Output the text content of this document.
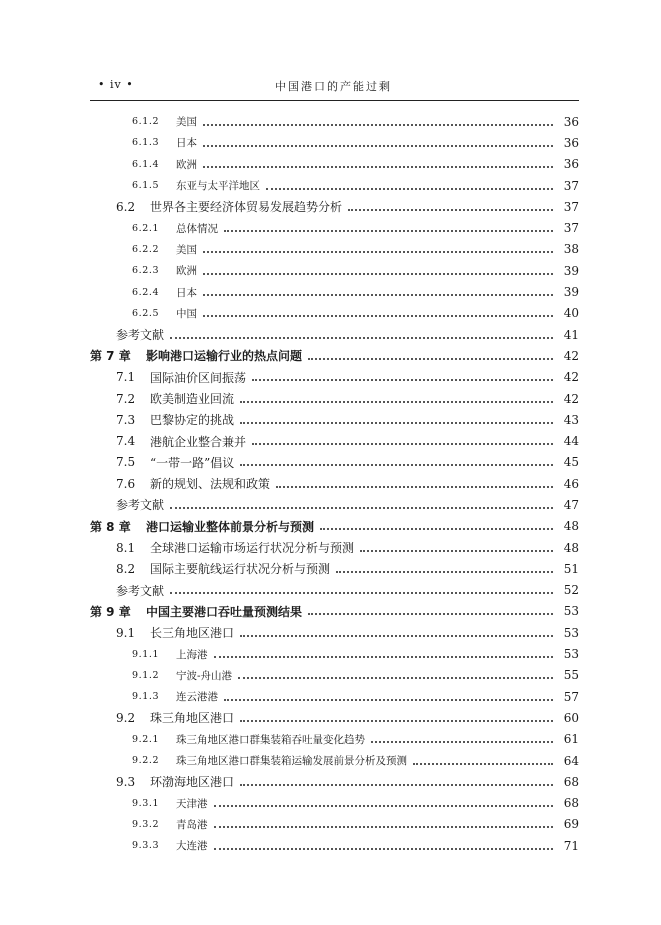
• iv •	中国港口的产能过剩
6.1.2	美国	36
6.1.3	日本	36
6.1.4	欧洲	36
6.1.5	东亚与太平洋地区	37
6.2	世界各主要经济体贸易发展趋势分析	37
6.2.1	总体情况	37
6.2.2	美国	38
6.2.3	欧洲	39
6.2.4	日本	39
6.2.5	中国	40
参考文献	41
第 7 章	影响港口运输行业的热点问题	42
7.1	国际油价区间振荡	42
7.2	欧美制造业回流	42
7.3	巴黎协定的挑战	43
7.4	港航企业整合兼并	44
7.5	“一带一路”倡议	45
7.6	新的规划、法规和政策	46
参考文献	47
第 8 章	港口运输业整体前景分析与预测	48
8.1	全球港口运输市场运行状况分析与预测	48
8.2	国际主要航线运行状况分析与预测	51
参考文献	52
第 9 章	中国主要港口吞吐量预测结果	53
9.1	长三角地区港口	53
9.1.1	上海港	53
9.1.2	宁波-舟山港	55
9.1.3	连云港港	57
9.2	珠三角地区港口	60
9.2.1	珠三角地区港口群集装箱吞吐量变化趋势	61
9.2.2	珠三角地区港口群集装箱运输发展前景分析及预测	64
9.3	环渤海地区港口	68
9.3.1	天津港	68
9.3.2	青岛港	69
9.3.3	大连港	71
